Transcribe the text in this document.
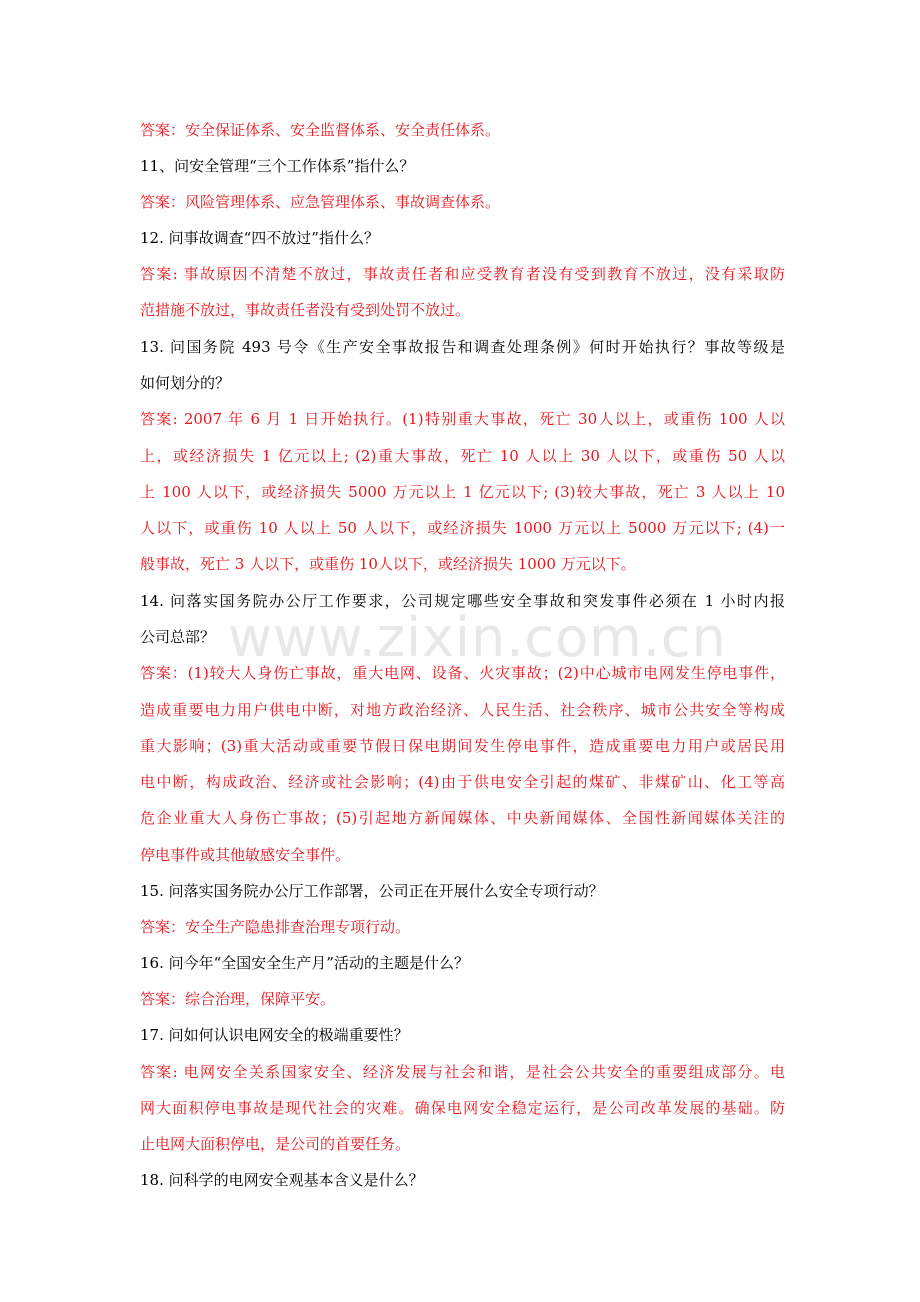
www.zixin.com.cn
答案：安全保证体系、安全监督体系、安全责任体系。
11、问安全管理“三个工作体系”指什么？
答案：风险管理体系、应急管理体系、事故调查体系。
12. 问事故调查“四不放过”指什么？
答案: 事故原因不清楚不放过，事故责任者和应受教育者没有受到教育不放过，没有采取防
范措施不放过，事故责任者没有受到处罚不放过。
13. 问国务院 493 号令《生产安全事故报告和调查处理条例》何时开始执行？事故等级是
如何划分的？
答案: 2007 年 6 月 1 日开始执行。(1)特别重大事故，死亡 30人以上，或重伤 100 人以
上，或经济损失 1 亿元以上; (2)重大事故，死亡 10 人以上 30 人以下，或重伤 50 人以
上 100 人以下，或经济损失 5000 万元以上 1 亿元以下; (3)较大事故，死亡 3 人以上 10
人以下，或重伤 10 人以上 50 人以下，或经济损失 1000 万元以上 5000 万元以下; (4)一
般事故，死亡 3 人以下，或重伤 10人以下，或经济损失 1000 万元以下。
14. 问落实国务院办公厅工作要求，公司规定哪些安全事故和突发事件必须在 1 小时内报
公司总部？
答案：(1)较大人身伤亡事故，重大电网、设备、火灾事故；(2)中心城市电网发生停电事件，
造成重要电力用户供电中断，对地方政治经济、人民生活、社会秩序、城市公共安全等构成
重大影响；(3)重大活动或重要节假日保电期间发生停电事件，造成重要电力用户或居民用
电中断，构成政治、经济或社会影响；(4)由于供电安全引起的煤矿、非煤矿山、化工等高
危企业重大人身伤亡事故；(5)引起地方新闻媒体、中央新闻媒体、全国性新闻媒体关注的
停电事件或其他敏感安全事件。
15. 问落实国务院办公厅工作部署，公司正在开展什么安全专项行动？
答案：安全生产隐患排查治理专项行动。
16. 问今年“全国安全生产月”活动的主题是什么？
答案：综合治理，保障平安。
17. 问如何认识电网安全的极端重要性？
答案: 电网安全关系国家安全、经济发展与社会和谐，是社会公共安全的重要组成部分。电
网大面积停电事故是现代社会的灾难。确保电网安全稳定运行，是公司改革发展的基础。防
止电网大面积停电，是公司的首要任务。
18. 问科学的电网安全观基本含义是什么？
